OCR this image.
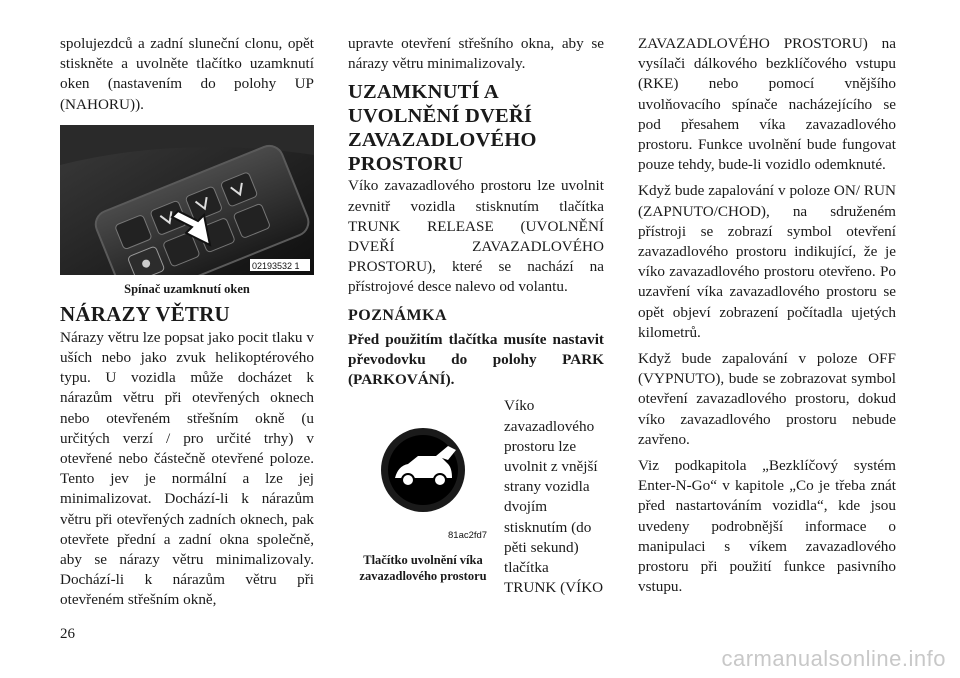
spolujezdců a zadní sluneční clonu, opět stiskněte a uvolněte tlačítko uzamknutí oken (nastavením do polohy UP (NAHORU)).

02193532 1
Spínač uzamknutí oken
NÁRAZY VĚTRU

Nárazy větru lze popsat jako pocit tlaku v uších nebo jako zvuk helikoptérového typu. U vozidla může docházet k nárazům větru při otevřených oknech nebo otevřeném střešním okně (u určitých verzí / pro určité trhy) v otevřené nebo částečně otevřené poloze. Tento jev je normální a lze jej minimalizovat. Dochází-li k nárazům větru při otevřených zadních oknech, pak otevřete přední a zadní okna společně, aby se nárazy větru minimalizovaly. Dochází-li k nárazům větru při otevřeném střešním okně,

upravte otevření střešního okna, aby se nárazy větru minimalizovaly.

UZAMKNUTÍ A UVOLNĚNÍ DVEŘÍ ZAVAZADLOVÉHO PROSTORU

Víko zavazadlového prostoru lze uvolnit zevnitř vozidla stisknutím tlačítka TRUNK RELEASE (UVOLNĚNÍ DVEŘÍ ZAVAZADLOVÉHO PROSTORU), které se nachází na přístrojové desce nalevo od volantu.

POZNÁMKA

Před použitím tlačítka musíte nastavit převodovku do polohy PARK (PARKOVÁNÍ).

81ac2fd7
Tlačítko uvolnění víka zavazadlového prostoru
Víko zavazadlového prostoru lze uvolnit z vnější strany vozidla dvojím stisknutím (do pěti sekund) tlačítka TRUNK (VÍKO

ZAVAZADLOVÉHO PROSTORU) na vysílači dálkového bezklíčového vstupu (RKE) nebo pomocí vnějšího uvolňovacího spínače nacházejícího se pod přesahem víka zavazadlového prostoru. Funkce uvolnění bude fungovat pouze tehdy, bude-li vozidlo odemknuté.

Když bude zapalování v poloze ON/ RUN (ZAPNUTO/CHOD), na sdruženém přístroji se zobrazí symbol otevření zavazadlového prostoru indikující, že je víko zavazadlového prostoru otevřeno. Po uzavření víka zavazadlového prostoru se opět objeví zobrazení počítadla ujetých kilometrů.

Když bude zapalování v poloze OFF (VYPNUTO), bude se zobrazovat symbol otevření zavazadlového prostoru, dokud víko zavazadlového prostoru nebude zavřeno.

Viz podkapitola „Bezklíčový systém Enter-N-Go“ v kapitole „Co je třeba znát před nastartováním vozidla“, kde jsou uvedeny podrobnější informace o manipulaci s víkem zavazadlového prostoru při použití funkce pasivního vstupu.

26
carmanualsonline.info
